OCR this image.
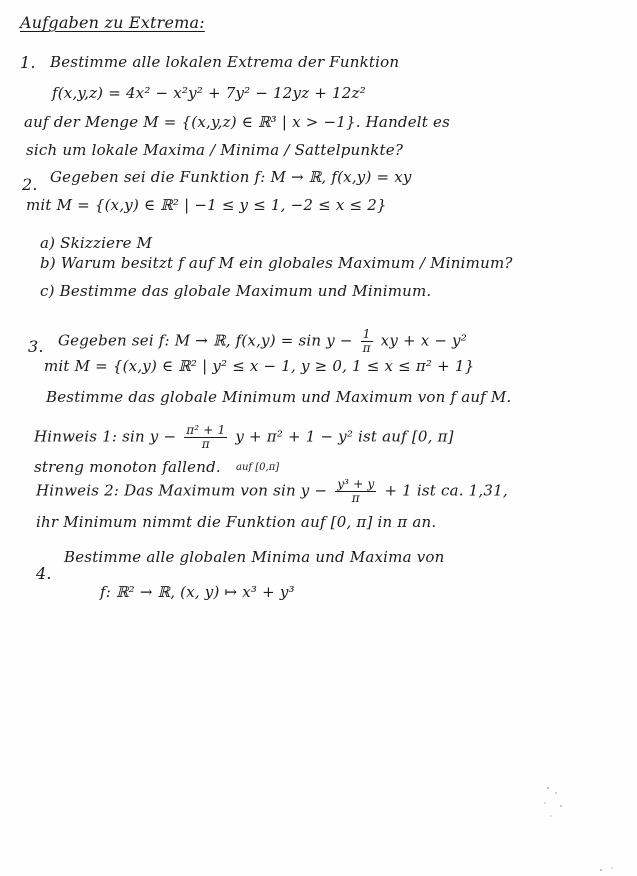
Aufgaben zu Extrema:
1. Bestimme alle lokalen Extrema der Funktion
f(x,y,z) = 4x² − x²y² + 7y² − 12yz + 12z²
auf der Menge M = {(x,y,z) ∈ ℝ³ | x > −1}. Handelt es
sich um lokale Maxima / Minima / Sattelpunkte?
2. Gegeben sei die Funktion f: M → ℝ, f(x,y) = xy
mit M = {(x,y) ∈ ℝ² | −1 ≤ y ≤ 1, −2 ≤ x ≤ 2}
a) Skizziere M
b) Warum besitzt f auf M ein globales Maximum / Minimum?
c) Bestimme das globale Maximum und Minimum.
3. Gegeben sei f: M → ℝ, $f(x,y) = \sin y - \frac{1}{\pi}$ xy + x − y²
mit M = {(x,y) ∈ ℝ² | y² ≤ x − 1, y ≥ 0, 1 ≤ x ≤ π² + 1}
Bestimme das globale Minimum und Maximum von f auf M.
Hinweis 1: $\sin y - \frac{\text{π² + 1}}{\pi}$ y + π² + 1 − y² ist auf [0, π]
streng monoton fallend. auf [0,π]
Hinweis 2: Das Maximum von $\sin y - \frac{\text{y³ + y}}{\pi} + 1$ ist ca. 1,31,
ihr Minimum nimmt die Funktion auf [0, π] in π an.
4.
Bestimme alle globalen Minima und Maxima von
f: ℝ² → ℝ, (x, y) ↦ x³ + y³
